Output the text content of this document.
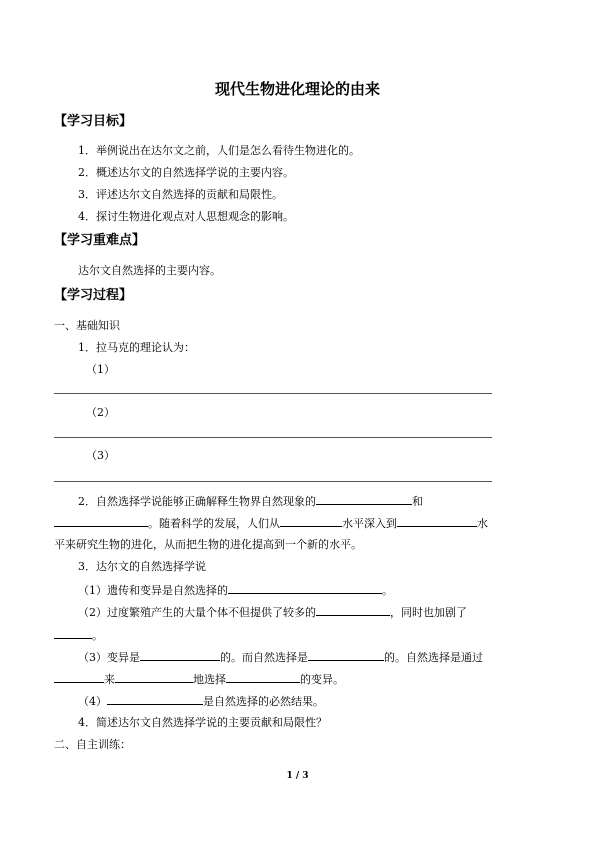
现代生物进化理论的由来
【学习目标】
1．举例说出在达尔文之前，人们是怎么看待生物进化的。
2．概述达尔文的自然选择学说的主要内容。
3．评述达尔文自然选择的贡献和局限性。
4．探讨生物进化观点对人思想观念的影响。
【学习重难点】
达尔文自然选择的主要内容。
【学习过程】
一、基础知识
1．拉马克的理论认为：
（1）
（2）
（3）
2．自然选择学说能够正确解释生物界自然现象的	和
。随着科学的发展，人们从	水平深入到	水
平来研究生物的进化，从而把生物的进化提高到一个新的水平。
3．达尔文的自然选择学说
（1）遗传和变异是自然选择的	。
（2）过度繁殖产生的大量个体不但提供了较多的	，同时也加剧了
。
（3）变异是	的。而自然选择是	的。自然选择是通过
来	地选择	的变异。
（4）	是自然选择的必然结果。
4．简述达尔文自然选择学说的主要贡献和局限性？
二、自主训练：
1 / 3
